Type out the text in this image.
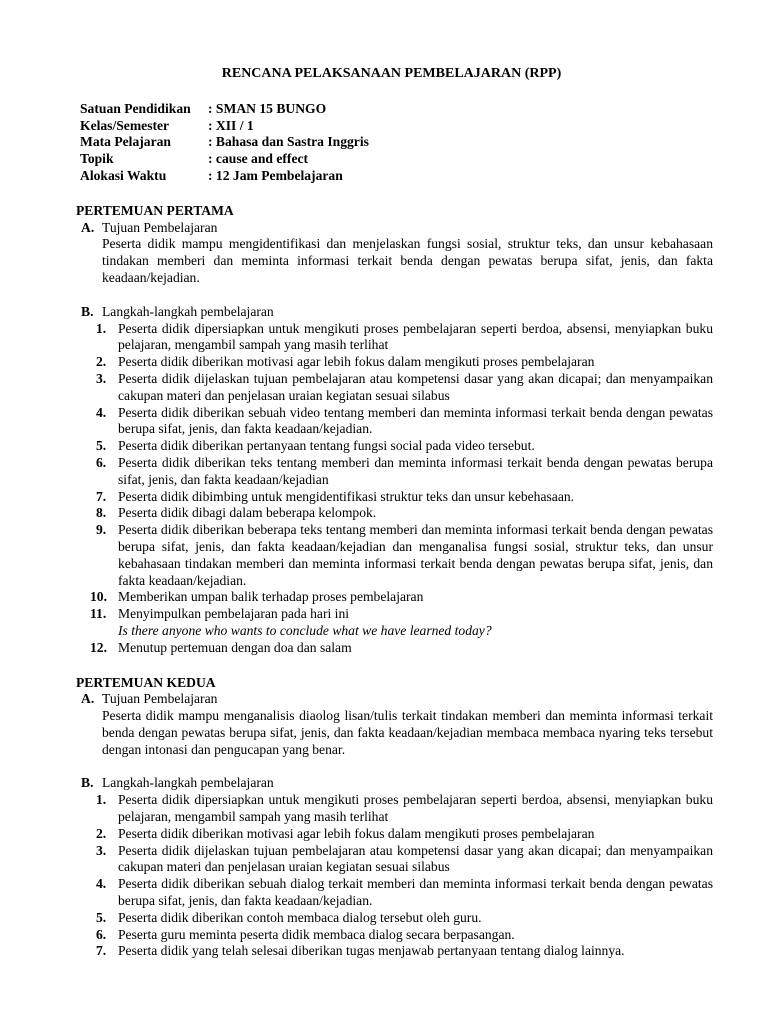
RENCANA PELAKSANAAN PEMBELAJARAN (RPP)
Satuan Pendidikan	: SMAN 15 BUNGO
Kelas/Semester	: XII / 1
Mata Pelajaran	: Bahasa dan Sastra Inggris
Topik	: cause and effect
Alokasi Waktu	: 12 Jam Pembelajaran
PERTEMUAN PERTAMA
A. Tujuan Pembelajaran
Peserta didik mampu mengidentifikasi dan menjelaskan fungsi sosial, struktur teks, dan unsur kebahasaan tindakan memberi dan meminta informasi terkait benda dengan pewatas berupa sifat, jenis, dan fakta keadaan/kejadian.
B. Langkah-langkah pembelajaran
1. Peserta didik dipersiapkan untuk mengikuti proses pembelajaran seperti berdoa, absensi, menyiapkan buku pelajaran, mengambil sampah yang masih terlihat
2. Peserta didik diberikan motivasi agar lebih fokus dalam mengikuti proses pembelajaran
3. Peserta didik dijelaskan tujuan pembelajaran atau kompetensi dasar yang akan dicapai; dan menyampaikan cakupan materi dan penjelasan uraian kegiatan sesuai silabus
4. Peserta didik diberikan sebuah video tentang memberi dan meminta informasi terkait benda dengan pewatas berupa sifat, jenis, dan fakta keadaan/kejadian.
5. Peserta didik diberikan pertanyaan tentang fungsi social pada video tersebut.
6. Peserta didik diberikan teks tentang memberi dan meminta informasi terkait benda dengan pewatas berupa sifat, jenis, dan fakta keadaan/kejadian
7. Peserta didik dibimbing untuk mengidentifikasi struktur teks dan unsur kebehasaan.
8. Peserta didik dibagi dalam beberapa kelompok.
9. Peserta didik diberikan beberapa teks tentang memberi dan meminta informasi terkait benda dengan pewatas berupa sifat, jenis, dan fakta keadaan/kejadian dan menganalisa fungsi sosial, struktur teks, dan unsur kebahasaan tindakan memberi dan meminta informasi terkait benda dengan pewatas berupa sifat, jenis, dan fakta keadaan/kejadian.
10. Memberikan umpan balik terhadap proses pembelajaran
11. Menyimpulkan pembelajaran pada hari ini
Is there anyone who wants to conclude what we have learned today?
12. Menutup pertemuan dengan doa dan salam
PERTEMUAN KEDUA
A. Tujuan Pembelajaran
Peserta didik mampu menganalisis diaolog lisan/tulis terkait tindakan memberi dan meminta informasi terkait benda dengan pewatas berupa sifat, jenis, dan fakta keadaan/kejadian membaca membaca nyaring teks tersebut dengan intonasi dan pengucapan yang benar.
B. Langkah-langkah pembelajaran
1. Peserta didik dipersiapkan untuk mengikuti proses pembelajaran seperti berdoa, absensi, menyiapkan buku pelajaran, mengambil sampah yang masih terlihat
2. Peserta didik diberikan motivasi agar lebih fokus dalam mengikuti proses pembelajaran
3. Peserta didik dijelaskan tujuan pembelajaran atau kompetensi dasar yang akan dicapai; dan menyampaikan cakupan materi dan penjelasan uraian kegiatan sesuai silabus
4. Peserta didik diberikan sebuah dialog terkait memberi dan meminta informasi terkait benda dengan pewatas berupa sifat, jenis, dan fakta keadaan/kejadian.
5. Peserta didik diberikan contoh membaca dialog tersebut oleh guru.
6. Peserta guru meminta peserta didik membaca dialog secara berpasangan.
7. Peserta didik yang telah selesai diberikan tugas menjawab pertanyaan tentang dialog lainnya.
